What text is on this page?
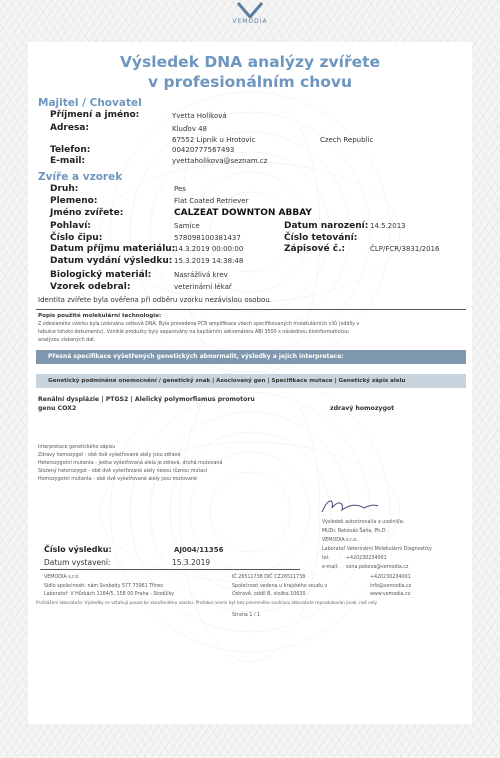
VEMODIA
Výsledek DNA analýzy zvířete
v profesionálním chovu
Majitel / Chovatel
Příjmení a jméno:	Yvetta Holíková
Adresa:	Kluďov 48
67552 Lipník u Hrotovic	Czech Republic
Telefon:	00420777567493
E-mail:	yvettaholikova@seznam.cz
Zvíře a vzorek
Druh:	Pes
Plemeno:	Flat Coated Retriever
Jméno zvířete:	CALZEAT DOWNTON ABBAY
Pohlaví:	Samice	Datum narození: 14.5.2013
Číslo čipu:	578098100381437	Číslo tetování:
Datum příjmu materiálu:
14.3.2019 00:00:00	Zápisové č.:	ČLP/FCR/3831/2016
Datum vydání výsledku: 15.3.2019 14:38:48
Biologický materiál:	Nasrážlivá krev
Vzorek odebral:	veterinární lékař
Identita zvířete byla ověřena při odběru vzorku nezávislou osobou.
Popis použité molekulární technologie:
Z odeslaného vzorku byla izolována celková DNA. Byla provedena PCR amplifikace všech specifikovaných molekulárních cílů (oddíly v
tabulce tohoto dokumentu). Vzniklé produkty byly separovány na kapilárním sekvenátoru ABI 3500 s následnou bioinformatickou
analýzou získaných dat.
Přesná specifikace vyšetřených genetických abnormalit, výsledky a jejich interpretace:
Genetický podmíněné onemocnění / genetický znak | Asociovaný gen | Specifikace mutace | Genetický zápis alelu
Renální dysplázie | PTGS2 | Alelický polymorfismus promotoru
genu COX2	zdravý homozygot
Interpretace genetického zápisu
Zdravý homozygot - obě dvě vyšetřované alely jsou zdravé
Heterozygotní mutanta - jedna vyšetřovaná alela je zdravá, druhá mutovaná
Složený heterozygot - obě dvě vyšetřované alely nesou různou mutaci
Homozygotní mutanta - obě dvě vyšetřované alely jsou mutované
Výsledek autorizoval/a a uvolnil/a:
MUDr. Rekováš Šaňa, Ph.D.
VEMODIA s.r.o.
Laboratoř Veterinární Molekulární Diagnostiky
tel:	+420230234001
e-mail: sona.pekova@vemodia.cz
Číslo výsledku:	AJ004/11356
Datum vystavení:	15.3.2019
VEMODIA s.r.o.
Sídlo společnosti: nám Svobody 577 73961 Třinec
Laboratoř: V Hůrkách 1164/5, 158 00 Praha - Stodůlky
IČ 26511738 DIČ CZ26511738
Společnost vedena u krajského soudu v
Ostravě, oddíl B, vložka 10630
+420230234001
info@vemodia.cz
www.vemodia.cz
Prohlášení laboratoře: Výsledky se vztahují pouze ke zkoušenému vzorku. Protokol nesmí být bez písemného souhlasu laboratoře reprodukován jinak, než celý.
Strana 1 / 1
